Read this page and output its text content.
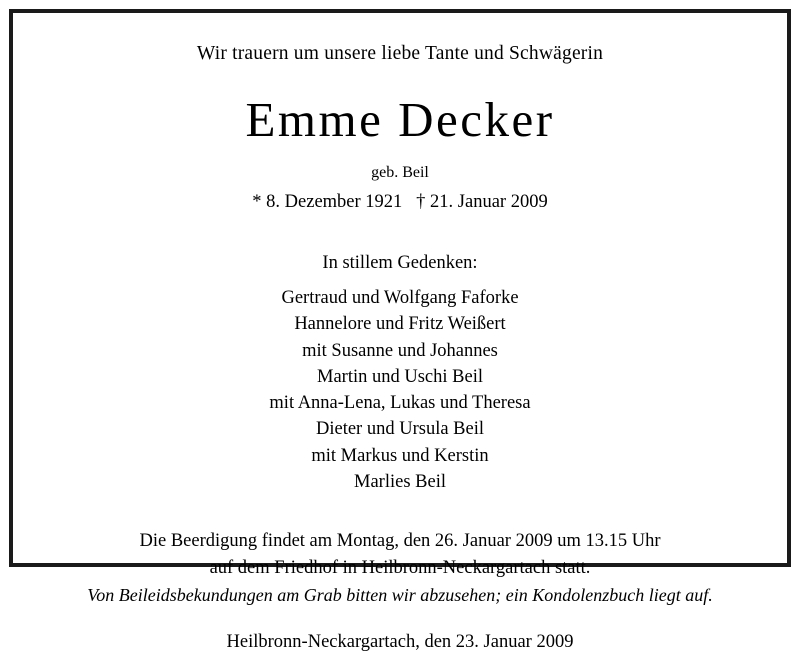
Wir trauern um unsere liebe Tante und Schwägerin
Emme Decker
geb. Beil
* 8. Dezember 1921   † 21. Januar 2009
In stillem Gedenken:
Gertraud und Wolfgang Faforke
Hannelore und Fritz Weißert
mit Susanne und Johannes
Martin und Uschi Beil
mit Anna-Lena, Lukas und Theresa
Dieter und Ursula Beil
mit Markus und Kerstin
Marlies Beil
Die Beerdigung findet am Montag, den 26. Januar 2009 um 13.15 Uhr
auf dem Friedhof in Heilbronn-Neckargartach statt.
Von Beileidsbekundungen am Grab bitten wir abzusehen; ein Kondolenzbuch liegt auf.
Heilbronn-Neckargartach, den 23. Januar 2009
